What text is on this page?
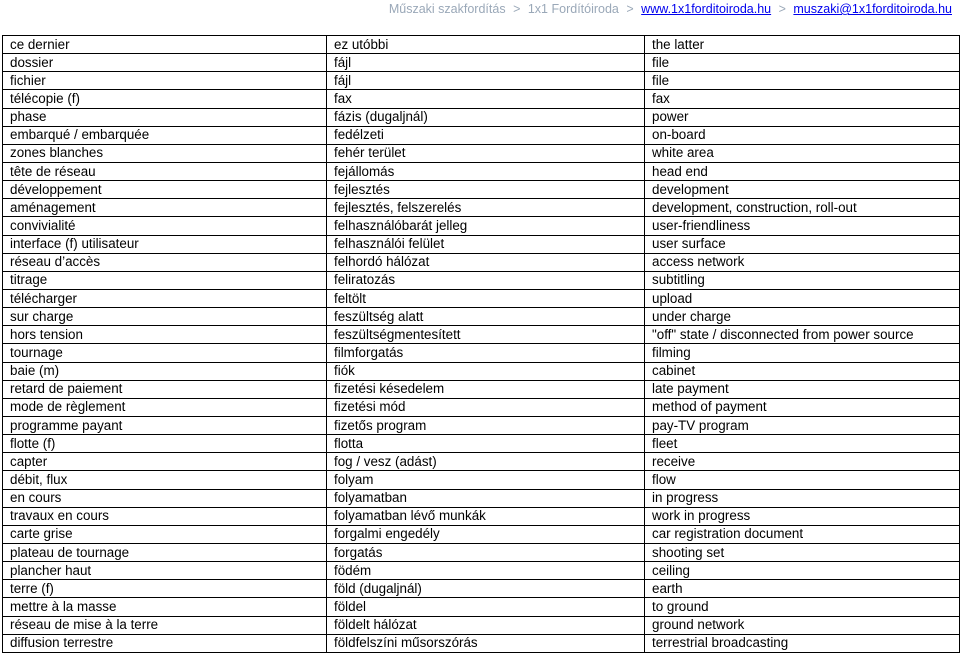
Műszaki szakfordítás > 1x1 Fordítóiroda > www.1x1forditoiroda.hu > muszaki@1x1forditoiroda.hu
ce dernier	ez utóbbi	the latter
dossier	fájl	file
fichier	fájl	file
télécopie (f)	fax	fax
phase	fázis (dugaljnál)	power
embarqué / embarquée	fedélzeti	on-board
zones blanches	fehér terület	white area
tête de réseau	fejállomás	head end
développement	fejlesztés	development
aménagement	fejlesztés, felszerelés	development, construction, roll-out
convivialité	felhasználóbarát jelleg	user-friendliness
interface (f) utilisateur	felhasználói felület	user surface
réseau d’accès	felhordó hálózat	access network
titrage	feliratozás	subtitling
télécharger	feltölt	upload
sur charge	feszültség alatt	under charge
hors tension	feszültségmentesített	"off" state / disconnected from power source
tournage	filmforgatás	filming
baie (m)	fiók	cabinet
retard de paiement	fizetési késedelem	late payment
mode de règlement	fizetési mód	method of payment
programme payant	fizetős program	pay-TV program
flotte (f)	flotta	fleet
capter	fog / vesz (adást)	receive
débit, flux	folyam	flow
en cours	folyamatban	in progress
travaux en cours	folyamatban lévő munkák	work in progress
carte grise	forgalmi engedély	car registration document
plateau de tournage	forgatás	shooting set
plancher haut	födém	ceiling
terre (f)	föld (dugaljnál)	earth
mettre à la masse	földel	to ground
réseau de mise à la terre	földelt hálózat	ground network
diffusion terrestre	földfelszíni műsorszórás	terrestrial broadcasting
